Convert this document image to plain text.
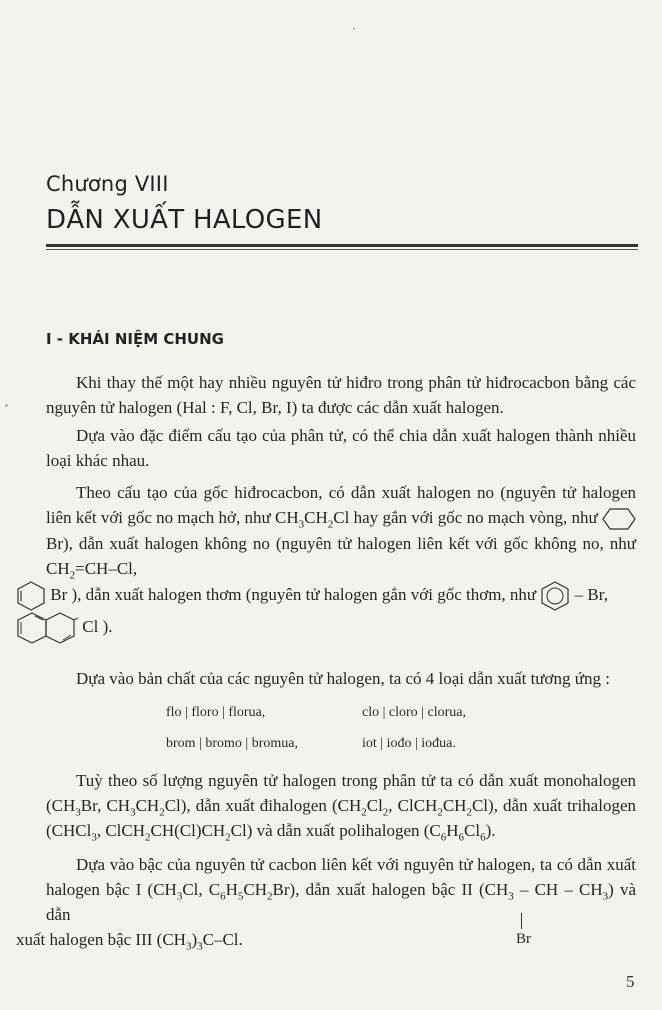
·
·
Chương VIII
DẪN XUẤT HALOGEN
I - KHÁI NIỆM CHUNG
Khi thay thế một hay nhiều nguyên tử hiđro trong phân tử hiđrocacbon bằng các nguyên tử halogen (Hal : F, Cl, Br, I) ta được các dẫn xuất halogen.
Dựa vào đặc điểm cấu tạo của phân tử, có thể chia dẫn xuất halogen thành nhiều loại khác nhau.
Theo cấu tạo của gốc hiđrocacbon, có dẫn xuất halogen no (nguyên tử halogen liên kết với gốc no mạch hở, như $CH_3CH_2Cl$ hay gắn với gốc no mạch vòng, như Br), dẫn xuất halogen không no (nguyên tử halogen liên kết với gốc không no, như $CH_2=CH-Cl$,
Br ), dẫn xuất halogen thơm (nguyên tử halogen gắn với gốc thơm, như – Br,
Cl ).
Dựa vào bản chất của các nguyên tử halogen, ta có 4 loại dẫn xuất tương ứng :
flo | floro | florua,	clo | cloro | clorua,
brom | bromo | bromua,	iot | iođo | iođua.
Tuỳ theo số lượng nguyên tử halogen trong phân tử ta có dẫn xuất monohalogen ($CH_3Br$, $CH_3CH_2Cl$), dẫn xuất đihalogen ($CH_2Cl_2$, $ClCH_2CH_2Cl$), dẫn xuất trihalogen (CHCl$_3$, $ClCH_2CH(Cl)CH_2Cl$) và dẫn xuất polihalogen $(C_6H_6Cl_6)$.
Dựa vào bậc của nguyên tử cacbon liên kết với nguyên tử halogen, ta có dẫn xuất halogen bậc I ($CH_3Cl$, $C_6H_5CH_2Br$), dẫn xuất halogen bậc II ($CH_3$ – CH – $CH_3$) và dẫn
xuất halogen bậc III $(CH_3)_3C-Cl$.	Br
5
